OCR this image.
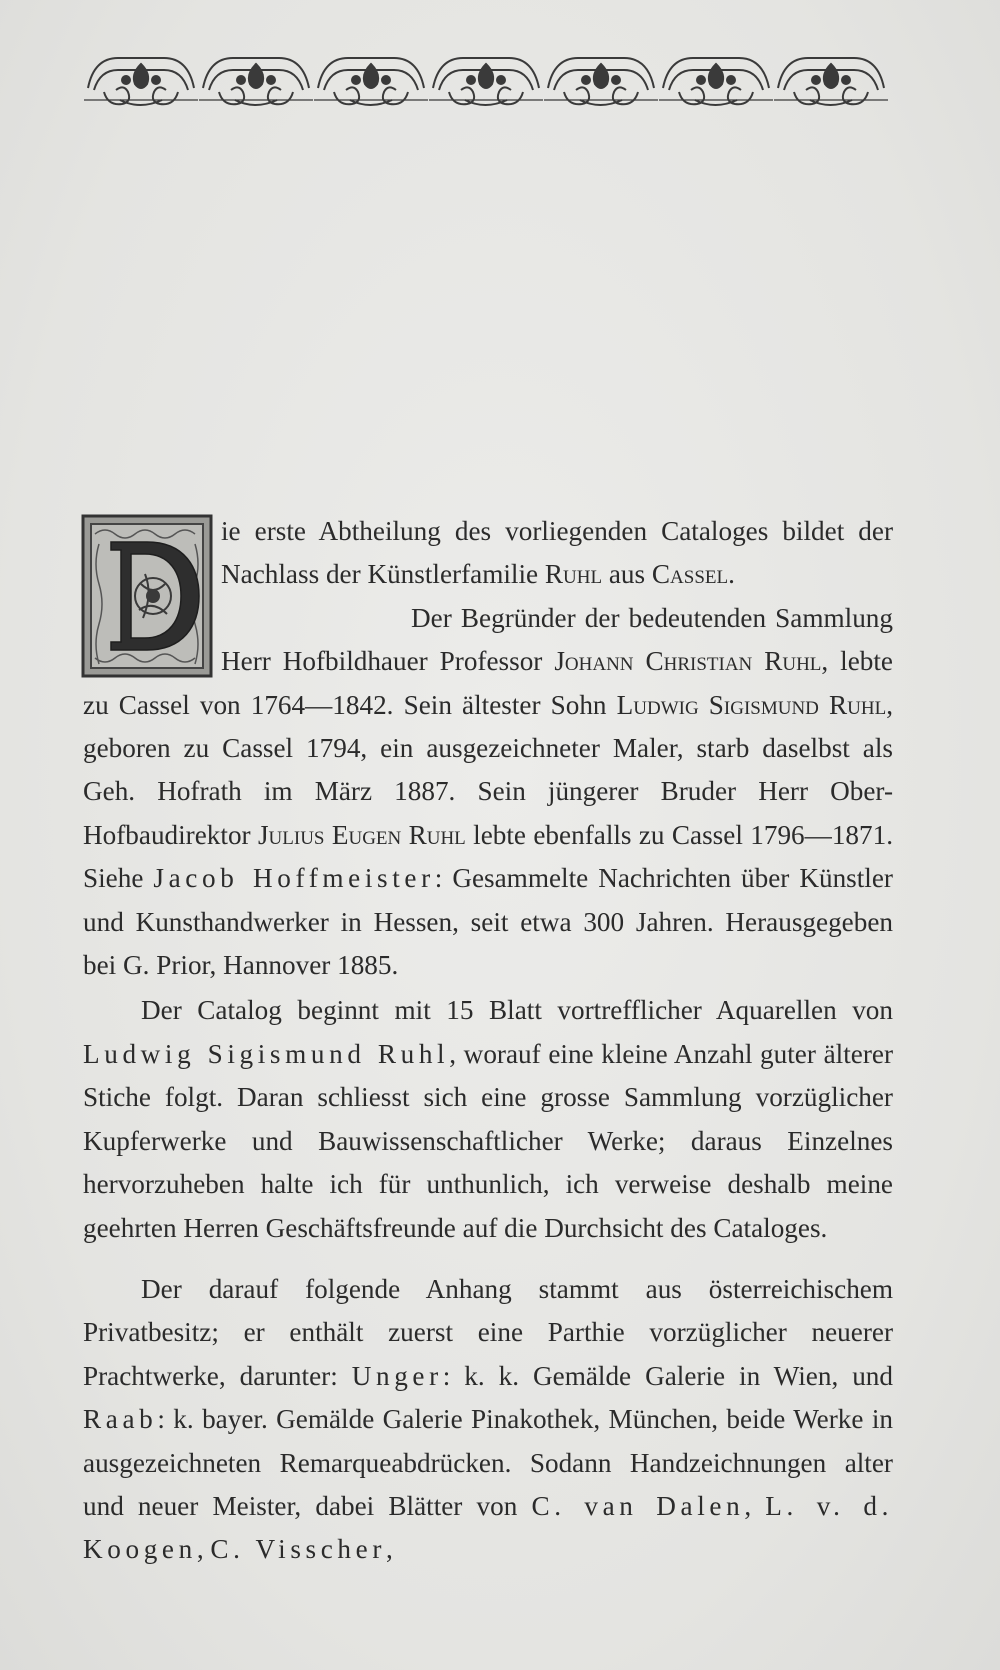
ie erste Abtheilung des vorliegenden Cataloges bildet der Nachlass der Künstlerfamilie Ruhl aus Cassel.

Der Begründer der bedeutenden Sammlung Herr Hofbildhauer Professor Johann Christian Ruhl, lebte zu Cassel von 1764—1842. Sein ältester Sohn Ludwig Sigismund Ruhl, geboren zu Cassel 1794, ein ausgezeichneter Maler, starb daselbst als Geh. Hofrath im März 1887. Sein jüngerer Bruder Herr Ober-Hofbaudirektor Julius Eugen Ruhl lebte ebenfalls zu Cassel 1796—1871. Siehe Jacob Hoffmeister: Gesammelte Nachrichten über Künstler und Kunsthandwerker in Hessen, seit etwa 300 Jahren. Herausgegeben bei G. Prior, Hannover 1885.

Der Catalog beginnt mit 15 Blatt vortrefflicher Aquarellen von Ludwig Sigismund Ruhl, worauf eine kleine Anzahl guter älterer Stiche folgt. Daran schliesst sich eine grosse Sammlung vorzüglicher Kupferwerke und Bauwissenschaftlicher Werke; daraus Einzelnes hervorzuheben halte ich für unthunlich, ich verweise deshalb meine geehrten Herren Geschäftsfreunde auf die Durchsicht des Cataloges.

Der darauf folgende Anhang stammt aus österreichischem Privatbesitz; er enthält zuerst eine Parthie vorzüglicher neuerer Prachtwerke, darunter: Unger: k. k. Gemälde Galerie in Wien, und Raab: k. bayer. Gemälde Galerie Pinakothek, München, beide Werke in ausgezeichneten Remarqueabdrücken. Sodann Handzeichnungen alter und neuer Meister, dabei Blätter von C. van Dalen, L. v. d. Koogen, C. Visscher,
